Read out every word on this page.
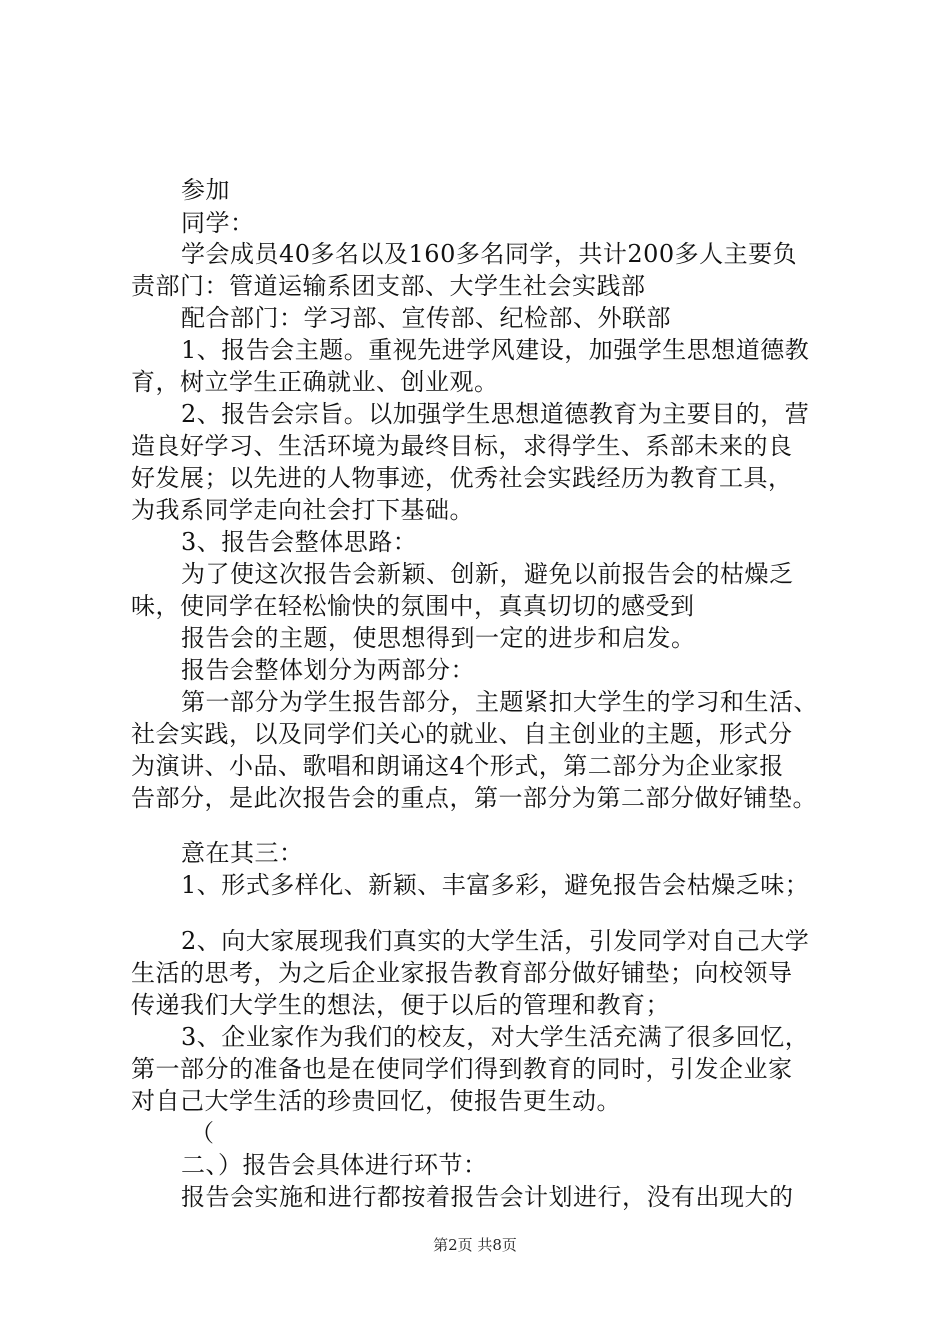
参加
同学：
学会成员40多名以及160多名同学，共计200多人主要负
责部门：管道运输系团支部、大学生社会实践部
配合部门：学习部、宣传部、纪检部、外联部
1、报告会主题。重视先进学风建设，加强学生思想道德教
育，树立学生正确就业、创业观。
2、报告会宗旨。以加强学生思想道德教育为主要目的，营
造良好学习、生活环境为最终目标，求得学生、系部未来的良
好发展；以先进的人物事迹，优秀社会实践经历为教育工具，
为我系同学走向社会打下基础。
3、报告会整体思路：
为了使这次报告会新颖、创新，避免以前报告会的枯燥乏
味，使同学在轻松愉快的氛围中，真真切切的感受到
报告会的主题，使思想得到一定的进步和启发。
报告会整体划分为两部分：
第一部分为学生报告部分，主题紧扣大学生的学习和生活、
社会实践，以及同学们关心的就业、自主创业的主题，形式分
为演讲、小品、歌唱和朗诵这4个形式，第二部分为企业家报
告部分，是此次报告会的重点，第一部分为第二部分做好铺垫。
意在其三：
1、形式多样化、新颖、丰富多彩，避免报告会枯燥乏味；
2、向大家展现我们真实的大学生活，引发同学对自己大学
生活的思考，为之后企业家报告教育部分做好铺垫；向校领导
传递我们大学生的想法，便于以后的管理和教育；
3、企业家作为我们的校友，对大学生活充满了很多回忆，
第一部分的准备也是在使同学们得到教育的同时，引发企业家
对自己大学生活的珍贵回忆，使报告更生动。
（
二、）报告会具体进行环节：
报告会实施和进行都按着报告会计划进行，没有出现大的
第2页 共8页
